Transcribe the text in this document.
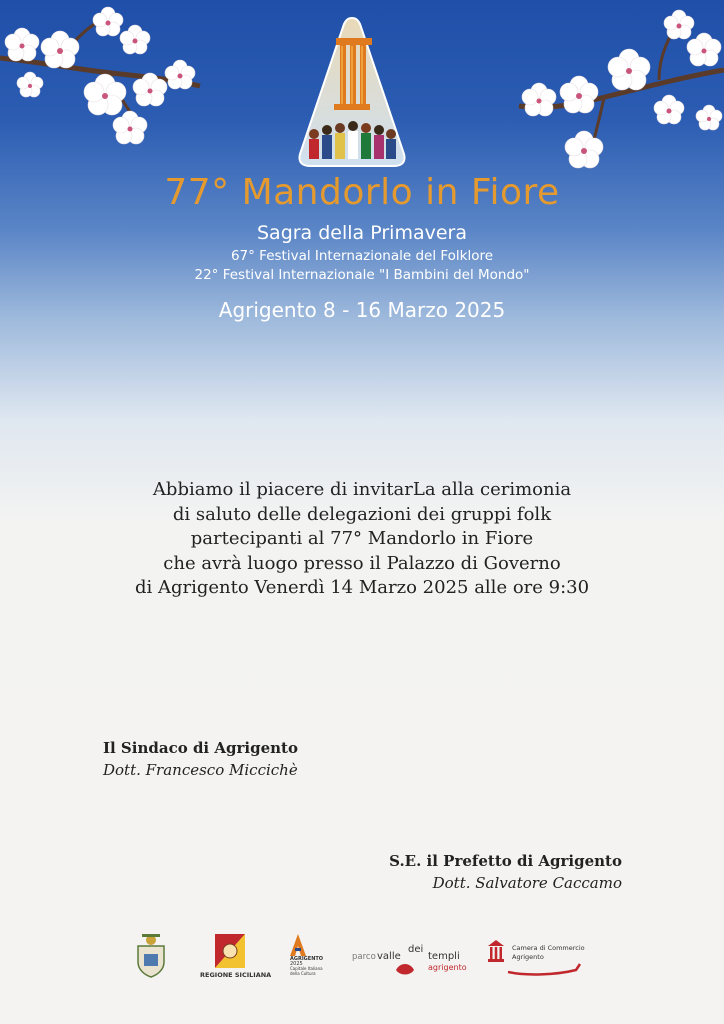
77° Mandorlo in Fiore
Sagra della Primavera
67° Festival Internazionale del Folklore
22° Festival Internazionale "I Bambini del Mondo"
Agrigento 8 - 16 Marzo 2025
Abbiamo il piacere di invitarLa alla cerimonia
di saluto delle delegazioni dei gruppi folk
partecipanti al 77° Mandorlo in Fiore
che avrà luogo presso il Palazzo di Governo
di Agrigento Venerdì 14 Marzo 2025 alle ore 9:30
Il Sindaco di Agrigento
Dott. Francesco Miccichè
S.E. il Prefetto di Agrigento
Dott. Salvatore Caccamo
REGIONE SICILIANA
AGRIGENTO
2025
Capitale Italiana
della Cultura
parco valle
dei
templi
agrigento
Camera di Commercio
Agrigento
